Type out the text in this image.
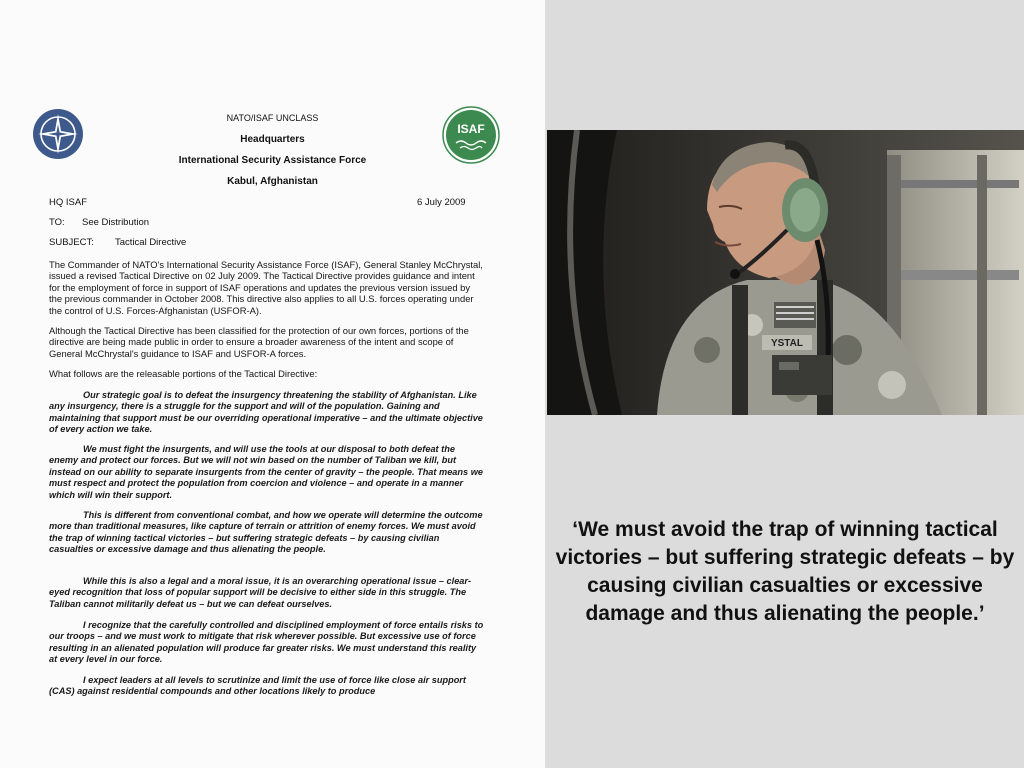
ISAF
NATO/ISAF UNCLASS
Headquarters
International Security Assistance Force
Kabul, Afghanistan
HQ ISAF	6 July 2009
TO: See Distribution
SUBJECT: Tactical Directive

The Commander of NATO's International Security Assistance Force (ISAF), General Stanley McChrystal, issued a revised Tactical Directive on 02 July 2009. The Tactical Directive provides guidance and intent for the employment of force in support of ISAF operations and updates the previous version issued by the previous commander in October 2008. This directive also applies to all U.S. forces operating under the control of U.S. Forces-Afghanistan (USFOR-A).

Although the Tactical Directive has been classified for the protection of our own forces, portions of the directive are being made public in order to ensure a broader awareness of the intent and scope of General McChrystal's guidance to ISAF and USFOR-A forces.

What follows are the releasable portions of the Tactical Directive:

Our strategic goal is to defeat the insurgency threatening the stability of Afghanistan. Like any insurgency, there is a struggle for the support and will of the population. Gaining and maintaining that support must be our overriding operational imperative – and the ultimate objective of every action we take.

We must fight the insurgents, and will use the tools at our disposal to both defeat the enemy and protect our forces. But we will not win based on the number of Taliban we kill, but instead on our ability to separate insurgents from the center of gravity – the people. That means we must respect and protect the population from coercion and violence – and operate in a manner which will win their support.

This is different from conventional combat, and how we operate will determine the outcome more than traditional measures, like capture of terrain or attrition of enemy forces. We must avoid the trap of winning tactical victories – but suffering strategic defeats – by causing civilian casualties or excessive damage and thus alienating the people.

While this is also a legal and a moral issue, it is an overarching operational issue – clear-eyed recognition that loss of popular support will be decisive to either side in this struggle. The Taliban cannot militarily defeat us – but we can defeat ourselves.

I recognize that the carefully controlled and disciplined employment of force entails risks to our troops – and we must work to mitigate that risk wherever possible. But excessive use of force resulting in an alienated population will produce far greater risks. We must understand this reality at every level in our force.

I expect leaders at all levels to scrutinize and limit the use of force like close air support (CAS) against residential compounds and other locations likely to produce

YSTAL
‘We must avoid the trap of winning tactical victories – but suffering strategic defeats – by causing civilian casualties or excessive damage and thus alienating the people.’
